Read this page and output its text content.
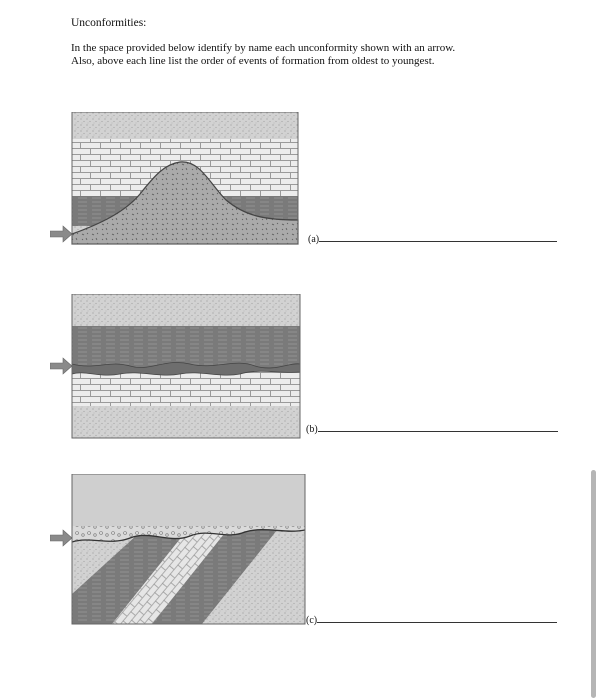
Unconformities:
In the space provided below identify by name each unconformity shown with an arrow.
Also, above each line list the order of events of formation from oldest to youngest.
(a)
(b)
(c)
